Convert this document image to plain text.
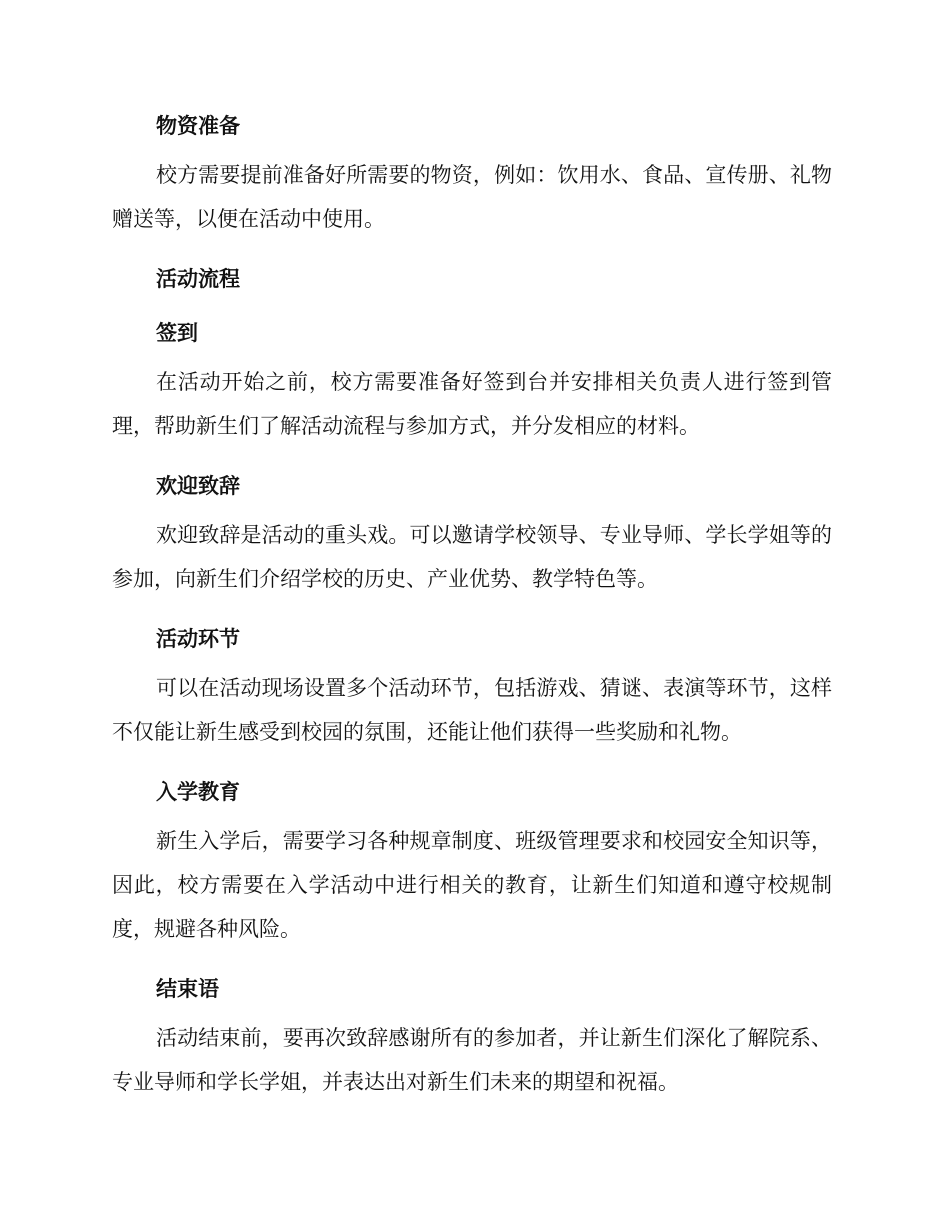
物资准备

校方需要提前准备好所需要的物资，例如：饮用水、食品、宣传册、礼物赠送等，以便在活动中使用。

活动流程

签到

在活动开始之前，校方需要准备好签到台并安排相关负责人进行签到管理，帮助新生们了解活动流程与参加方式，并分发相应的材料。

欢迎致辞

欢迎致辞是活动的重头戏。可以邀请学校领导、专业导师、学长学姐等的参加，向新生们介绍学校的历史、产业优势、教学特色等。

活动环节

可以在活动现场设置多个活动环节，包括游戏、猜谜、表演等环节，这样不仅能让新生感受到校园的氛围，还能让他们获得一些奖励和礼物。

入学教育

新生入学后，需要学习各种规章制度、班级管理要求和校园安全知识等，因此，校方需要在入学活动中进行相关的教育，让新生们知道和遵守校规制度，规避各种风险。

结束语

活动结束前，要再次致辞感谢所有的参加者，并让新生们深化了解院系、专业导师和学长学姐，并表达出对新生们未来的期望和祝福。
